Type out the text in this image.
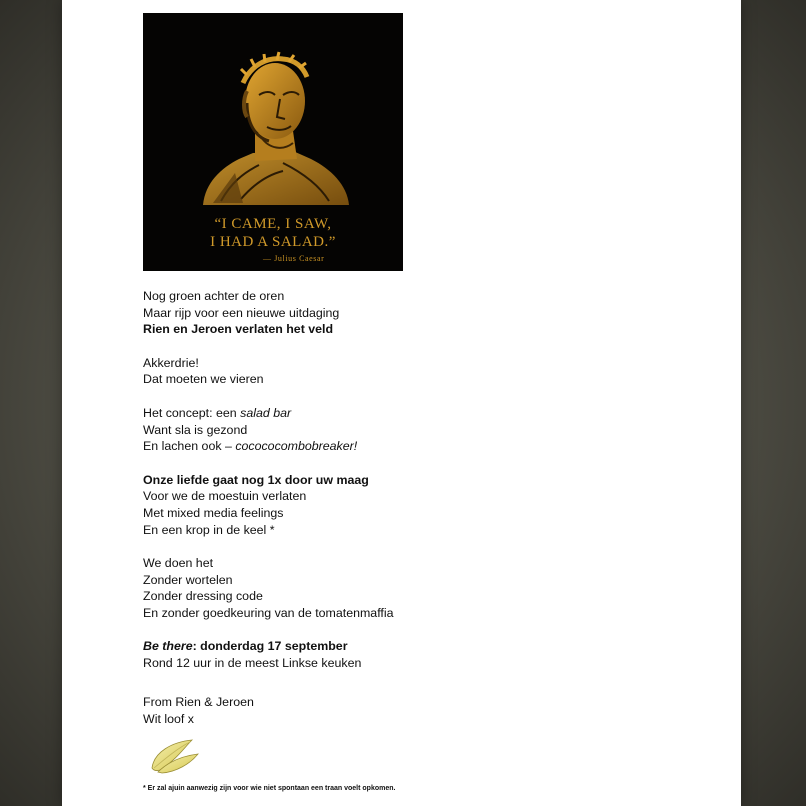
“I CAME, I SAW,
I HAD A SALAD.”
— Julius Caesar
Nog groen achter de oren
Maar rijp voor een nieuwe uitdaging
Rien en Jeroen verlaten het veld
Akkerdrie!
Dat moeten we vieren
Het concept: een salad bar
Want sla is gezond
En lachen ook – cocococombobreaker!
Onze liefde gaat nog 1x door uw maag
Voor we de moestuin verlaten
Met mixed media feelings
En een krop in de keel *
We doen het
Zonder wortelen
Zonder dressing code
En zonder goedkeuring van de tomatenmaffia
Be there: donderdag 17 september
Rond 12 uur in de meest Linkse keuken
From Rien & Jeroen
Wit loof x
* Er zal ajuin aanwezig zijn voor wie niet spontaan een traan voelt opkomen.
